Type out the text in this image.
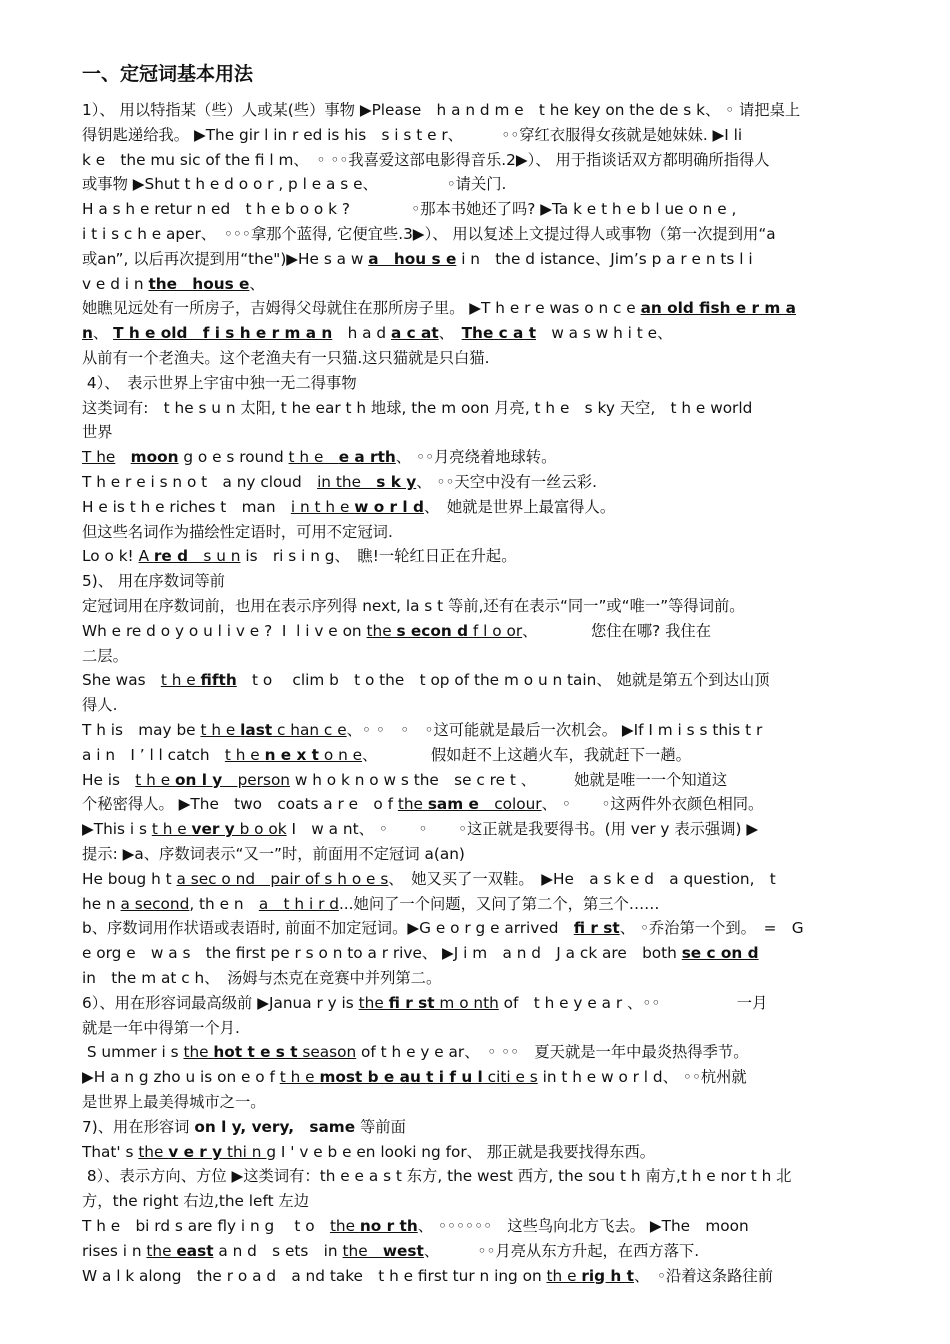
一、定冠词基本用法
1）、 用以特指某（些）人或某(些）事物 ▶Please　h a n d m e　t he key on the de s k、 ◦ 请把桌上
得钥匙递给我。 ▶The gir l in r ed is his　s i s t e r、　　　◦◦穿红衣服得女孩就是她妹妹. ▶I li
k e　the mu sic of the fi l m、　◦ ◦◦我喜爱这部电影得音乐.2▶）、 用于指谈话双方都明确所指得人
或事物 ▶Shut t h e d o o r , p l e a s e、　　　　　◦请关门.
H a s h e retur n ed　t h e b o o k ?　　　　◦那本书她还了吗? ▶Ta k e t h e b l ue o n e ,
i t i s c h e aper、　◦◦◦拿那个蓝得, 它便宜些.3▶）、 用以复述上文提过得人或事物（第一次提到用“a
或an”, 以后再次提到用“the")▶He s a w a　hou s e i n　the d istance、Jim’s p a r e n ts l i
v e d i n the　hous e、
她瞧见远处有一所房子，吉姆得父母就住在那所房子里。 ▶T h e r e was o n c e an old fish e r m a
n、 T h e old　f i s h e r m a n　h a d a c at、　The c a t　w a s w h i t e、
从前有一个老渔夫。这个老渔夫有一只猫.这只猫就是只白猫.
4）、　表示世界上宇宙中独一无二得事物
这类词有:　t he s u n 太阳, t he ear t h 地球, the m oon 月亮, t h e　s ky 天空,　t h e world
世界
T he　 moon g o e s round t h e　e a rth、 ◦◦月亮绕着地球转。
T h e r e i s n o t　a ny cloud　in the　s k y、 ◦◦天空中没有一丝云彩.
H e is t h e riches t　man　i n t h e w o r l d、　她就是世界上最富得人。
但这些名词作为描绘性定语时，可用不定冠词.
Lo o k! A re d　s u n is　ri s i n g、　瞧!一轮红日正在升起。
5)、 用在序数词等前
定冠词用在序数词前，也用在表示序列得 next, la s t 等前,还有在表示“同一”或“唯一”等得词前。
Wh e re d o y o u l i v e ?  I  l i v e on the s econ d f l o or、　　　　您住在哪? 我住在
二层。
She was　t h e fifth　t o　 clim b　t o the　t op of the m o u n tain、 她就是第五个到达山顶
得人.
T h is　may be t h e last c han c e、◦ ◦　◦　◦这可能就是最后一次机会。 ▶If I m i s s this t r
a i n　I ’ l l catch　t h e n e x t o n e、　　　　假如赶不上这趟火车，我就赶下一趟。
He is　t h e on l y　person w h o k n o w s the　se c re t 、　　　她就是唯一一个知道这
个秘密得人。 ▶The　two　coats a r e　o f the sam e　colour、 ◦　　◦这两件外衣颜色相同。
▶This i s t h e ver y b o ok I　w a nt、 ◦　　◦　　◦这正就是我要得书。(用 ver y 表示强调) ▶
提示: ▶a、序数词表示“又一”时，前面用不定冠词 a(an)
He boug h t a sec o nd　pair of s h o e s、　她又买了一双鞋。　▶He　a s k e d　a question,　t
he n a second, th e n　a　t h i r d...她问了一个问题，又问了第二个，第三个……
b、序数词用作状语或表语时, 前面不加定冠词。▶G e o r g e arrived　fi r st、 ◦乔治第一个到。　=　G
e org e　w a s　the first pe r s o n to a r rive、 ▶J i m　a n d　J a ck are　both se c on d
in　the m at c h、　汤姆与杰克在竞赛中并列第二。
6）、用在形容词最高级前 ▶Janua r y is the fi r st m o nth of　t h e y e a r 、◦◦　　　　　一月
就是一年中得第一个月.
S ummer i s the hot t e s t season of t h e y e ar、　◦ ◦◦　夏天就是一年中最炎热得季节。
▶H a n g zho u is on e o f t h e most b e au t i f u l citi e s in t h e w o r l d、 ◦◦杭州就
是世界上最美得城市之一。
7)、用在形容词 on l y, very,　same 等前面
That' s the v e r y thi n g I ' v e b e en looki ng for、 那正就是我要找得东西。
8）、表示方向、方位 ▶这类词有：th e e a s t 东方, the west 西方, the sou t h 南方,t h e nor t h 北
方，the right 右边,the left 左边
T h e　bi rd s are fly i n g　 t o　the no r th、 ◦◦◦◦◦◦　这些鸟向北方飞去。 ▶The　moon
rises i n the east a n d　s ets　in the　west、　　　◦◦月亮从东方升起，在西方落下.
W a l k along　the r o a d　a nd take　t h e first tur n ing on th e rig h t、　◦沿着这条路往前
